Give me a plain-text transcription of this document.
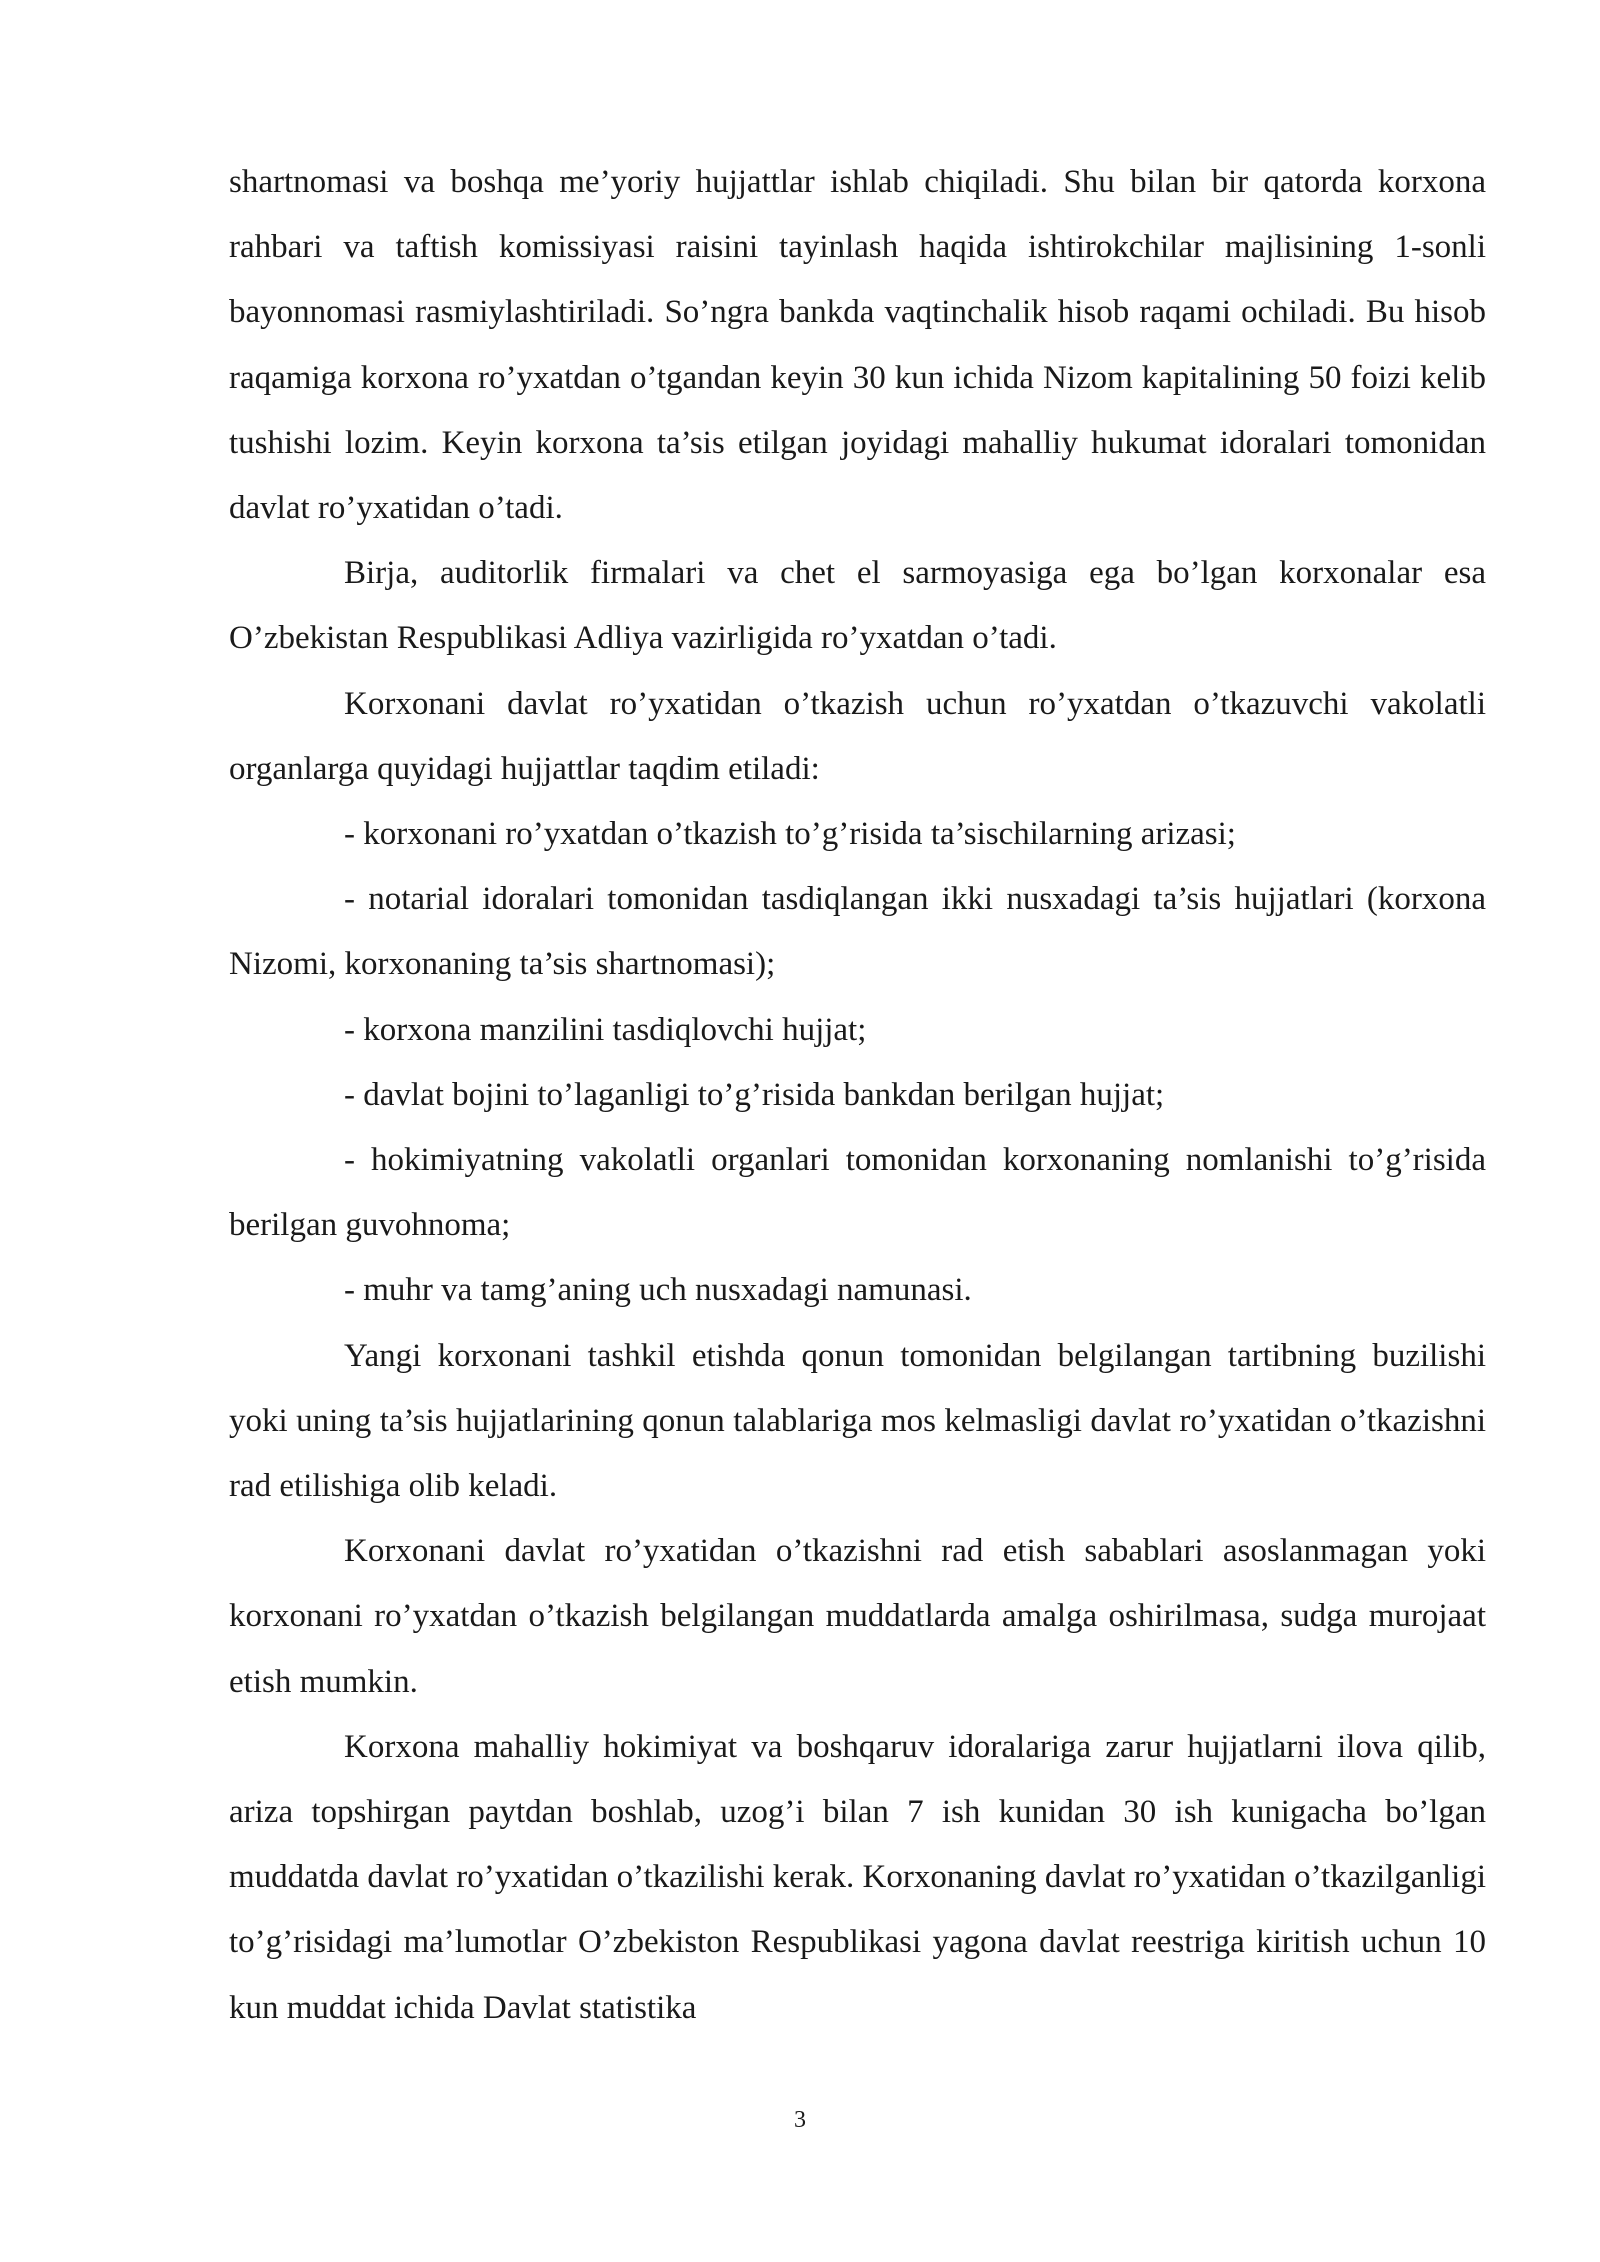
shartnomasi va boshqa me’yoriy hujjattlar ishlab chiqiladi. Shu bilan bir qatorda korxona rahbari va taftish komissiyasi raisini tayinlash haqida ishtirokchilar majlisining 1-sonli bayonnomasi rasmiylashtiriladi. So’ngra bankda vaqtinchalik hisob raqami ochiladi. Bu hisob raqamiga korxona ro’yxatdan o’tgandan keyin 30 kun ichida Nizom kapitalining 50 foizi kelib tushishi lozim. Keyin korxona ta’sis etilgan joyidagi mahalliy hukumat idoralari tomonidan davlat ro’yxatidan o’tadi.

Birja, auditorlik firmalari va chet el sarmoyasiga ega bo’lgan korxonalar esa O’zbekistan Respublikasi Adliya vazirligida ro’yxatdan o’tadi.

Korxonani davlat ro’yxatidan o’tkazish uchun ro’yxatdan o’tkazuvchi vakolatli organlarga quyidagi hujjattlar taqdim etiladi:

- korxonani ro’yxatdan o’tkazish to’g’risida ta’sischilarning arizasi;

- notarial idoralari tomonidan tasdiqlangan ikki nusxadagi ta’sis hujjatlari (korxona Nizomi, korxonaning ta’sis shartnomasi);

- korxona manzilini tasdiqlovchi hujjat;

- davlat bojini to’laganligi to’g’risida bankdan berilgan hujjat;

- hokimiyatning vakolatli organlari tomonidan korxonaning nomlanishi to’g’risida berilgan guvohnoma;

- muhr va tamg’aning uch nusxadagi namunasi.

Yangi korxonani tashkil etishda qonun tomonidan belgilangan tartibning buzilishi yoki uning ta’sis hujjatlarining qonun talablariga mos kelmasligi davlat ro’yxatidan o’tkazishni rad etilishiga olib keladi.

Korxonani davlat ro’yxatidan o’tkazishni rad etish sabablari asoslanmagan yoki korxonani ro’yxatdan o’tkazish belgilangan muddatlarda amalga oshirilmasa, sudga murojaat etish mumkin.

Korxona mahalliy hokimiyat va boshqaruv idoralariga zarur hujjatlarni ilova qilib, ariza topshirgan paytdan boshlab, uzog’i bilan 7 ish kunidan 30 ish kunigacha bo’lgan muddatda davlat ro’yxatidan o’tkazilishi kerak. Korxonaning davlat ro’yxatidan o’tkazilganligi to’g’risidagi ma’lumotlar O’zbekiston Respublikasi yagona davlat reestriga kiritish uchun 10 kun muddat ichida Davlat statistika

3
